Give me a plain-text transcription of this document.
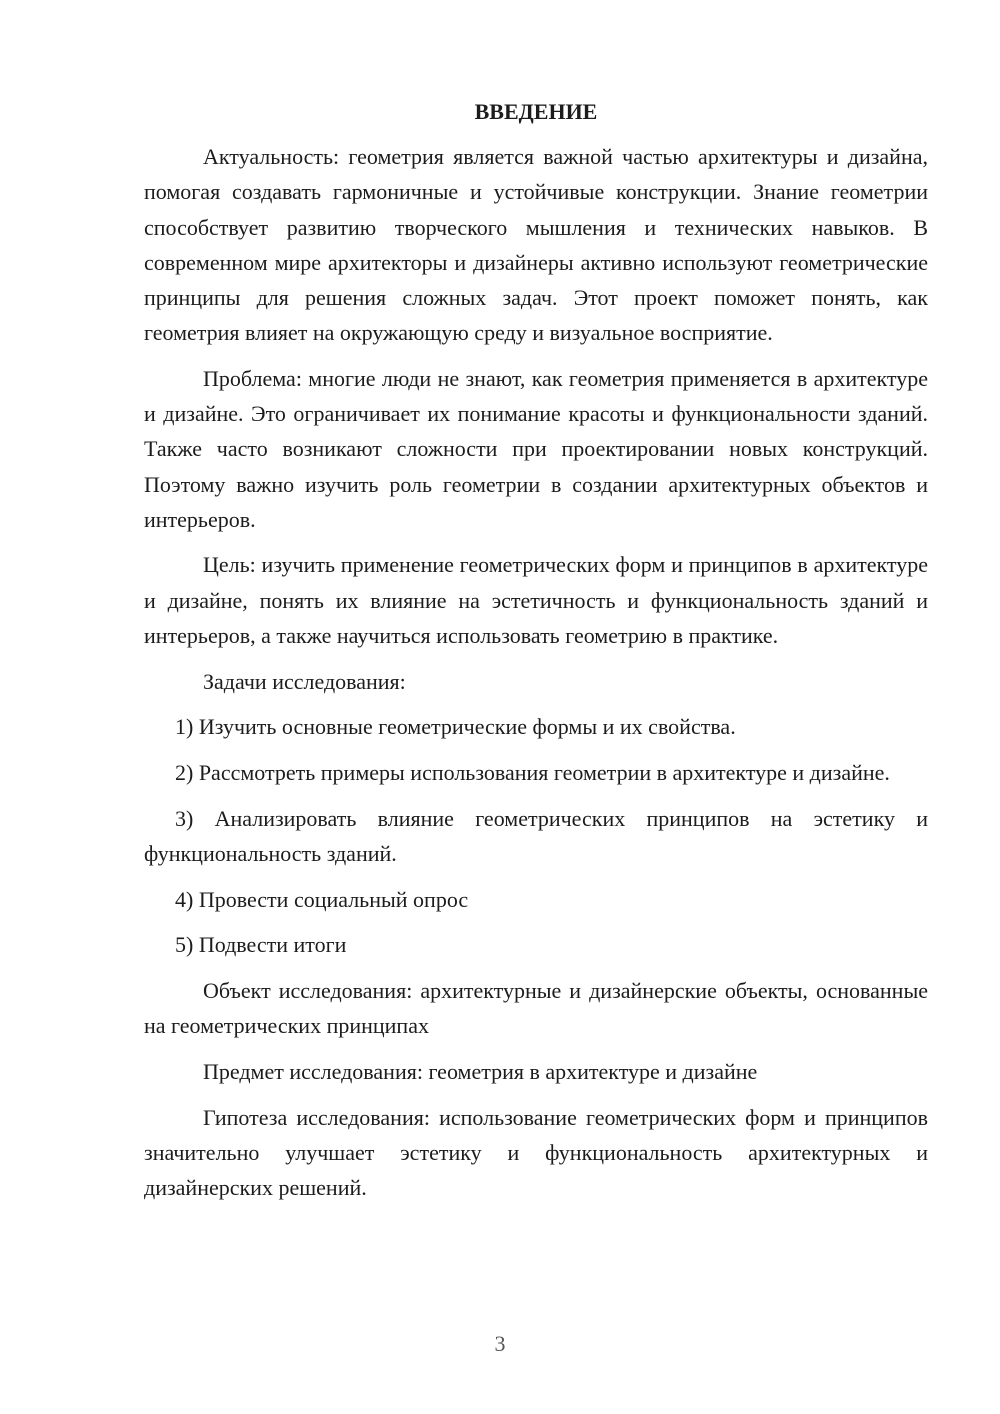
ВВЕДЕНИЕ

Актуальность: геометрия является важной частью архитектуры и дизайна, помогая создавать гармоничные и устойчивые конструкции. Знание геометрии способствует развитию творческого мышления и технических навыков. В современном мире архитекторы и дизайнеры активно используют геометрические принципы для решения сложных задач. Этот проект поможет понять, как геометрия влияет на окружающую среду и визуальное восприятие.

Проблема: многие люди не знают, как геометрия применяется в архитектуре и дизайне. Это ограничивает их понимание красоты и функциональности зданий. Также часто возникают сложности при проектировании новых конструкций. Поэтому важно изучить роль геометрии в создании архитектурных объектов и интерьеров.

Цель: изучить применение геометрических форм и принципов в архитектуре и дизайне, понять их влияние на эстетичность и функциональность зданий и интерьеров, а также научиться использовать геометрию в практике.

Задачи исследования:

1) Изучить основные геометрические формы и их свойства.

2) Рассмотреть примеры использования геометрии в архитектуре и дизайне.

3) Анализировать влияние геометрических принципов на эстетику и функциональность зданий.

4) Провести социальный опрос

5) Подвести итоги

Объект исследования: архитектурные и дизайнерские объекты, основанные на геометрических принципах

Предмет исследования: геометрия в архитектуре и дизайне

Гипотеза исследования: использование геометрических форм и принципов значительно улучшает эстетику и функциональность архитектурных и дизайнерских решений.

3
